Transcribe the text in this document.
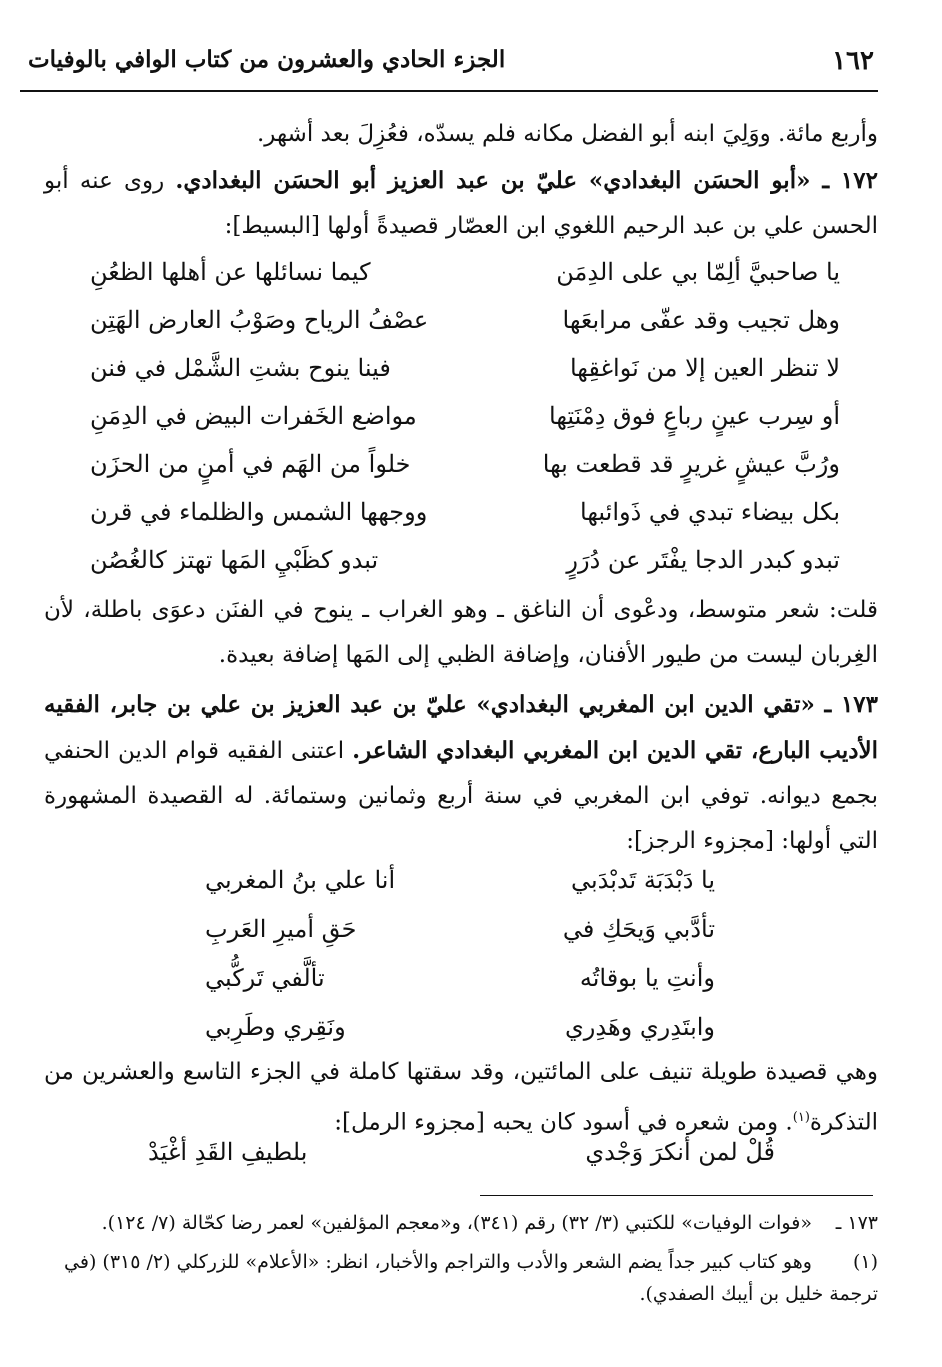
١٦٢
الجزء الحادي والعشرون من كتاب الوافي بالوفيات
وأربع مائة. ووَلِيَ ابنه أبو الفضل مكانه فلم يسدّه، فعُزِلَ بعد أشهر.
١٧٢ ـ «أبو الحسَن البغدادي» عليّ بن عبد العزيز أبو الحسَن البغدادي. روى عنه أبو الحسن علي بن عبد الرحيم اللغوي ابن العصّار قصيدةً أولها [البسيط]:
يا صاحبيَّ ألِمّا بي على الدِمَن
كيما نسائلها عن أهلها الظعُنِ
وهل تجيب وقد عفّى مرابعَها
عصْفُ الرياح وصَوْبُ العارض الهَتِن
لا تنظر العين إلا من نَواغقِها
فينا ينوح بشتِ الشَّمْل في فنن
أو سِرب عينٍ رباعٍ فوق دِمْنَتِها
مواضع الخَفرات البيض في الدِمَنِ
ورُبَّ عيشٍ غريرٍ قد قطعت بها
خلواً من الهَم في أمنٍ من الحزَن
بكل بيضاء تبدي في ذَوائبها
ووجهها الشمس والظلماء في قرن
تبدو كبدر الدجا يفْتَر عن دُرَرٍ
تبدو كظَبْيِ المَها تهتز كالغُصُن
قلت: شعر متوسط، ودعْوى أن الناغق ـ وهو الغراب ـ ينوح في الفنَن دعوَى باطلة، لأن الغِربان ليست من طيور الأفنان، وإضافة الظبي إلى المَها إضافة بعيدة.
١٧٣ ـ «تقي الدين ابن المغربي البغدادي» عليّ بن عبد العزيز بن علي بن جابر، الفقيه الأديب البارع، تقي الدين ابن المغربي البغدادي الشاعر. اعتنى الفقيه قوام الدين الحنفي بجمع ديوانه. توفي ابن المغربي في سنة أربع وثمانين وستمائة. له القصيدة المشهورة التي أولها: [مجزوء الرجز]:
يا دَبْدَبَة تَدبْدَبي
أنا علي بنُ المغربي
تأدَّبي وَيحَكِ في
حَقِ أميرِ العَربِ
وأنتِ يا بوقاتُه
تألَّفي تَركُّبي
وابتَدِري وهَدِري
ونَقِري وطَرِبي
وهي قصيدة طويلة تنيف على المائتين، وقد سقتها كاملة في الجزء التاسع والعشرين من التذكرة$^{(١)}$. ومن شعره في أسود كان يحبه [مجزوء الرمل]:
قُلْ لمن أنكرَ وَجْدي
بلطيفِ القَدِ أغْيَدْ
١٧٣ ـ «فوات الوفيات» للكتبي (٣/ ٣٢) رقم (٣٤١)، و«معجم المؤلفين» لعمر رضا كحّالة (٧/ ١٢٤).
(١) وهو كتاب كبير جداً يضم الشعر والأدب والتراجم والأخبار، انظر: «الأعلام» للزركلي (٢/ ٣١٥) (في ترجمة خليل بن أيبك الصفدي).
